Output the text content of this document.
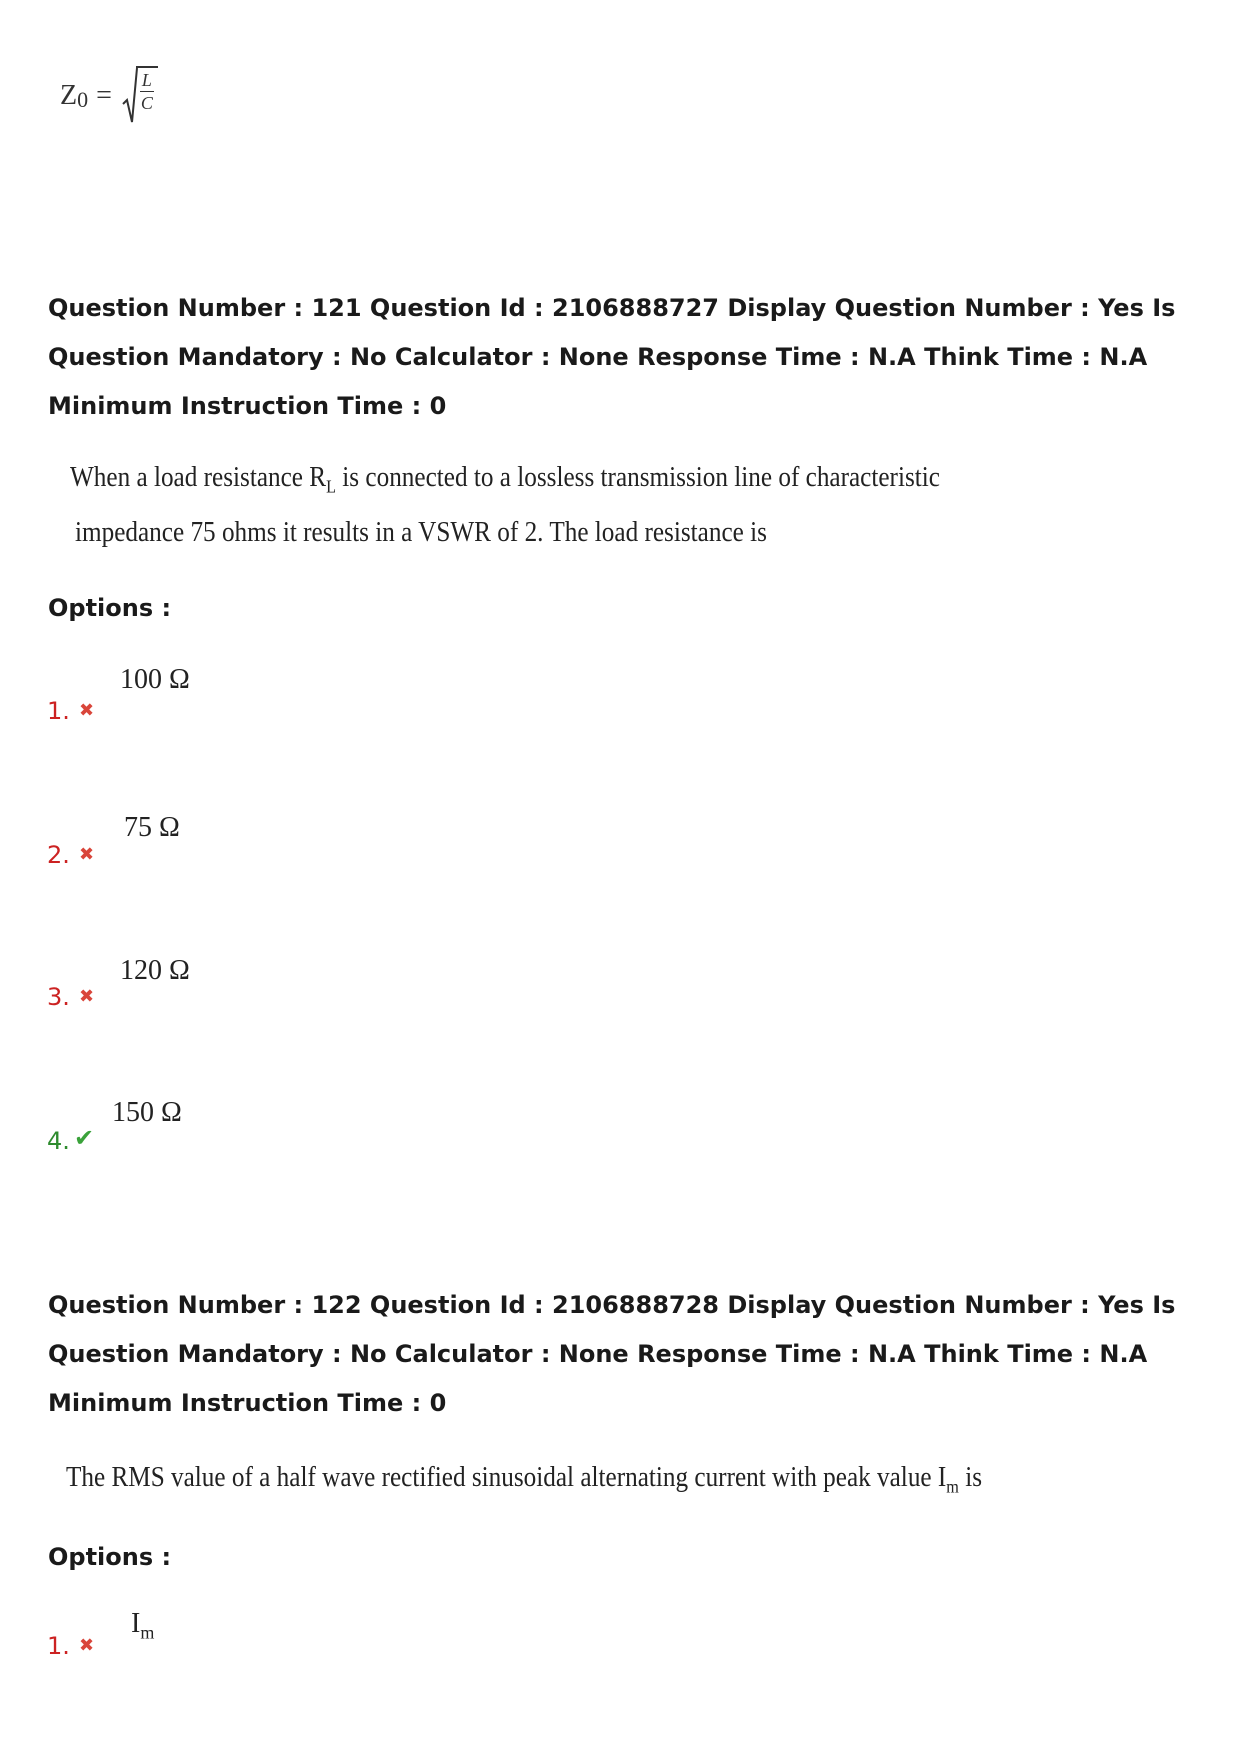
Z $0 = \frac{L}{C}$
Question Number : 121 Question Id : 2106888727 Display Question Number : Yes Is Question Mandatory : No Calculator : None Response Time : N.A Think Time : N.A Minimum Instruction Time : 0
When a load resistance $R_L$ is connected to a lossless transmission line of characteristic
impedance 75 ohms it results in a VSWR of 2. The load resistance is
Options :
100 Ω
1. ✖
75 Ω
2. ✖
120 Ω
3. ✖
150 Ω
4. ✔
Question Number : 122 Question Id : 2106888728 Display Question Number : Yes Is Question Mandatory : No Calculator : None Response Time : N.A Think Time : N.A Minimum Instruction Time : 0
The RMS value of a half wave rectified sinusoidal alternating current with peak value $I_m$ is
Options :
$I_m$
1. ✖
